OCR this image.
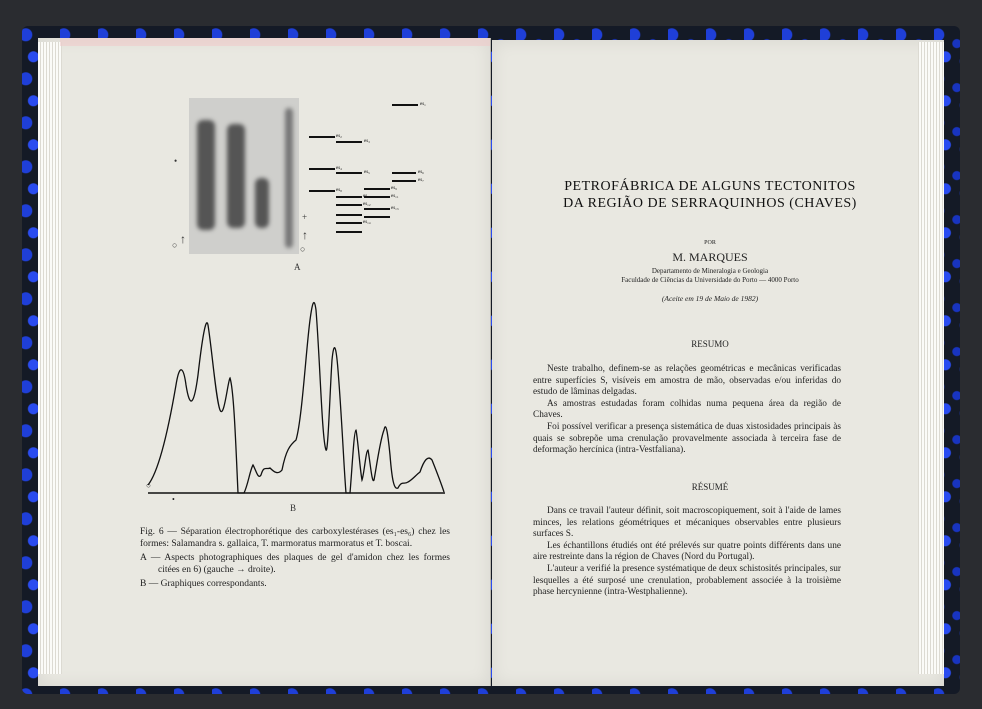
•
○ ↑
○
↑
+
es₁
es₂
es₃
es₄
es₅	es₆
es₇
es₈	es₉
es₁₁
es₁₂
es₁₃
es₁₄
A
○
•
B

Fig. 6 — Séparation électrophorétique des carboxylestérases (es₁-es₆) chez les formes: Salamandra s. gallaica, T. marmoratus marmoratus et T. boscai.

A — Aspects photographiques des plaques de gel d'amidon chez les formes citées en 6) (gauche → droite).

B — Graphiques correspondants.

PETROFÁBRICA DE ALGUNS TECTONITOS
DA REGIÃO DE SERRAQUINHOS (CHAVES)
POR
M. MARQUES
Departamento de Mineralogia e Geologia
Faculdade de Ciências da Universidade do Porto — 4000 Porto
(Aceite em 19 de Maio de 1982)
RESUMO

Neste trabalho, definem-se as relações geométricas e mecânicas verificadas entre superfícies S, visíveis em amostra de mão, observadas e/ou inferidas do estudo de lâminas delgadas.

As amostras estudadas foram colhidas numa pequena área da região de Chaves.

Foi possível verificar a presença sistemática de duas xistosidades principais às quais se sobrepõe uma crenulação provavelmente associada à terceira fase de deformação hercínica (intra-Vestfaliana).

RÉSUMÉ

Dans ce travail l'auteur définit, soit macroscopiquement, soit à l'aide de lames minces, les relations géométriques et mécaniques observables entre plusieurs surfaces S.

Les échantillons étudiés ont été prélevés sur quatre points différents dans une aire restreinte dans la région de Chaves (Nord du Portugal).

L'auteur a verifié la presence systématique de deux schistosités principales, sur lesquelles a été surposé une crenulation, probablement associée à la troisième phase hercynienne (intra-Westphalienne).
